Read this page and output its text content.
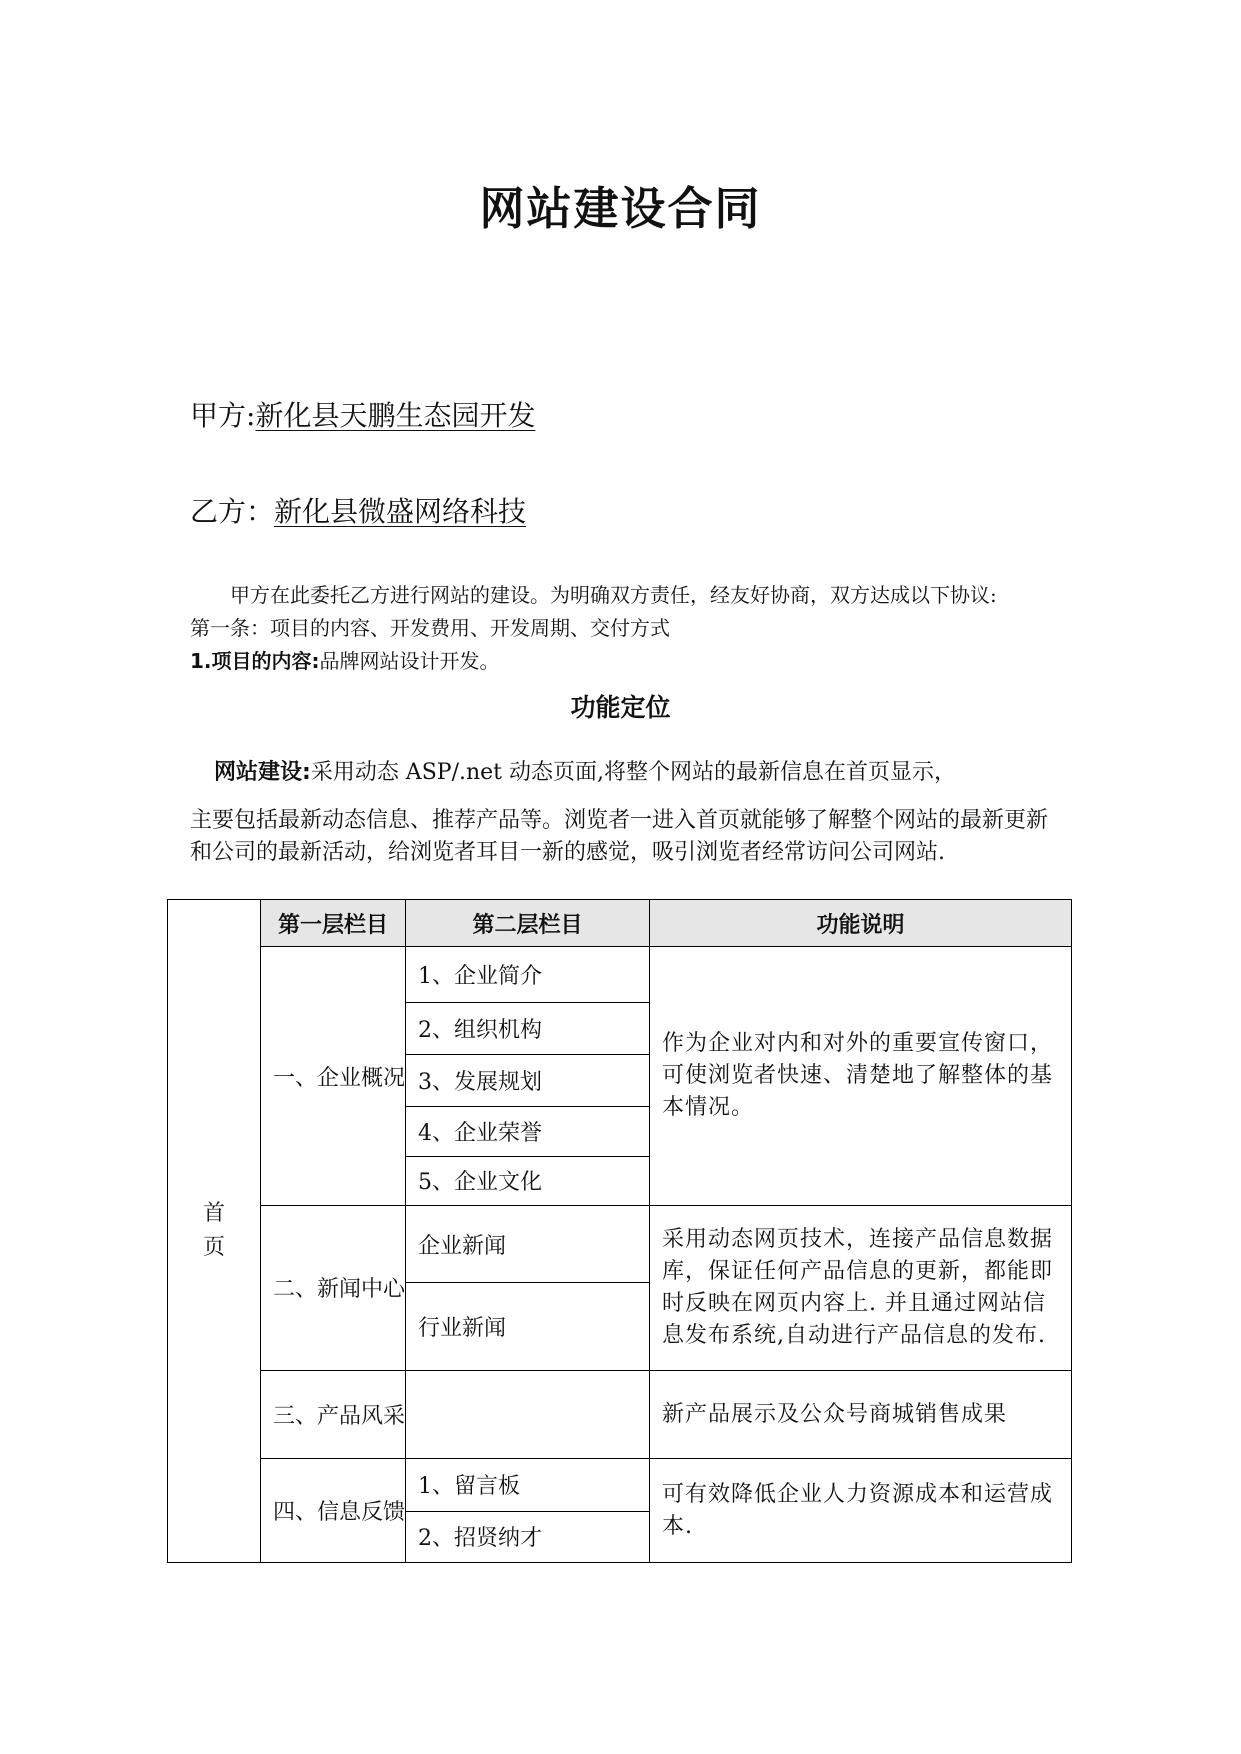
网站建设合同
甲方:新化县天鹏生态园开发
乙方：新化县微盛网络科技
甲方在此委托乙方进行网站的建设。为明确双方责任，经友好协商，双方达成以下协议:
第一条：项目的内容、开发费用、开发周期、交付方式
1.项目的内容:品牌网站设计开发。
功能定位
网站建设:采用动态 ASP/.net 动态页面,将整个网站的最新信息在首页显示，
主要包括最新动态信息、推荐产品等。浏览者一进入首页就能够了解整个网站的最新更新和公司的最新活动，给浏览者耳目一新的感觉，吸引浏览者经常访问公司网站.
首
页	第一层栏目	第二层栏目	功能说明
	一、企业概况	1、企业简介	作为企业对内和对外的重要宣传窗口，可使浏览者快速、清楚地了解整体的基本情况。

		2、组织机构	
		3、发展规划	
		4、企业荣誉	
		5、企业文化	
	二、新闻中心	企业新闻	采用动态网页技术，连接产品信息数据库，保证任何产品信息的更新，都能即时反映在网页内容上. 并且通过网站信息发布系统,自动进行产品信息的发布.

		行业新闻	
	三、产品风采		新产品展示及公众号商城销售成果

	四、信息反馈	1、留言板	可有效降低企业人力资源成本和运营成本.

		2、招贤纳才	
